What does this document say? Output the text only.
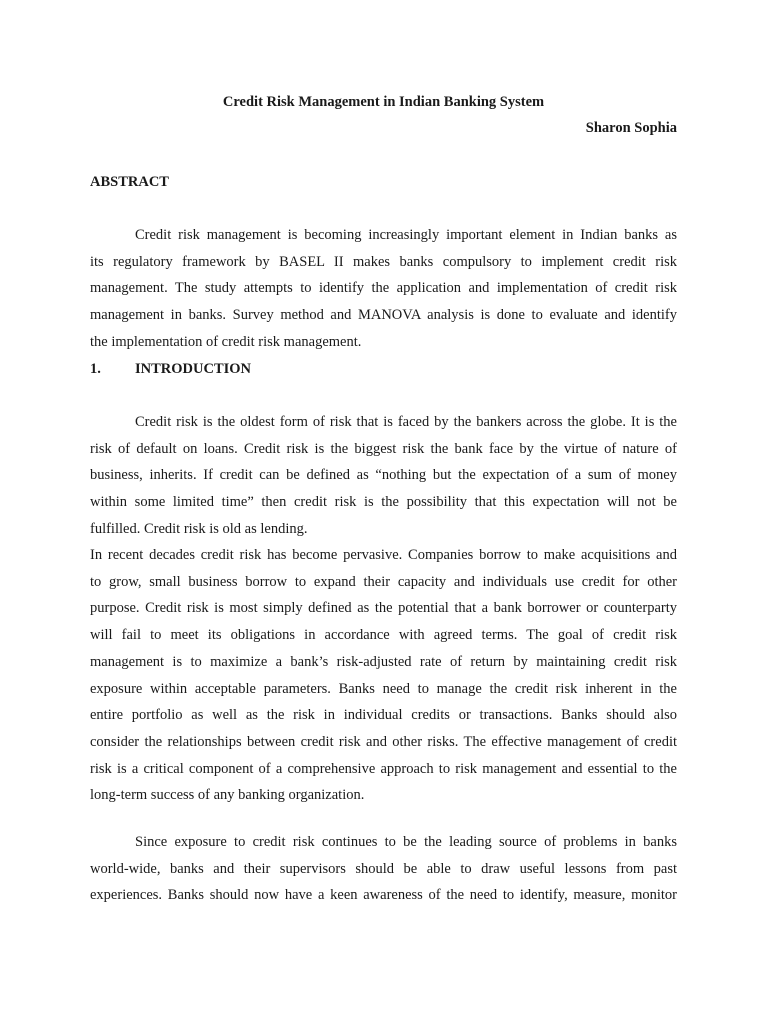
Credit Risk Management in Indian Banking System
Sharon Sophia
ABSTRACT
Credit risk management is becoming increasingly important element in Indian banks as
its regulatory framework by BASEL II makes banks compulsory to implement credit risk
management. The study attempts to identify the application and implementation of credit risk
management in banks. Survey method and MANOVA analysis is done to evaluate and identify
the implementation of credit risk management.
1. INTRODUCTION
Credit risk is the oldest form of risk that is faced by the bankers across the globe. It is the
risk of default on loans. Credit risk is the biggest risk the bank face by the virtue of nature of
business, inherits. If credit can be defined as “nothing but the expectation of a sum of money
within some limited time” then credit risk is the possibility that this expectation will not be
fulfilled. Credit risk is old as lending.
In recent decades credit risk has become pervasive. Companies borrow to make acquisitions and
to grow, small business borrow to expand their capacity and individuals use credit for other
purpose. Credit risk is most simply defined as the potential that a bank borrower or counterparty
will fail to meet its obligations in accordance with agreed terms. The goal of credit risk
management is to maximize a bank’s risk-adjusted rate of return by maintaining credit risk
exposure within acceptable parameters. Banks need to manage the credit risk inherent in the
entire portfolio as well as the risk in individual credits or transactions. Banks should also
consider the relationships between credit risk and other risks. The effective management of credit
risk is a critical component of a comprehensive approach to risk management and essential to the
long-term success of any banking organization.
Since exposure to credit risk continues to be the leading source of problems in banks
world-wide, banks and their supervisors should be able to draw useful lessons from past
experiences. Banks should now have a keen awareness of the need to identify, measure, monitor
